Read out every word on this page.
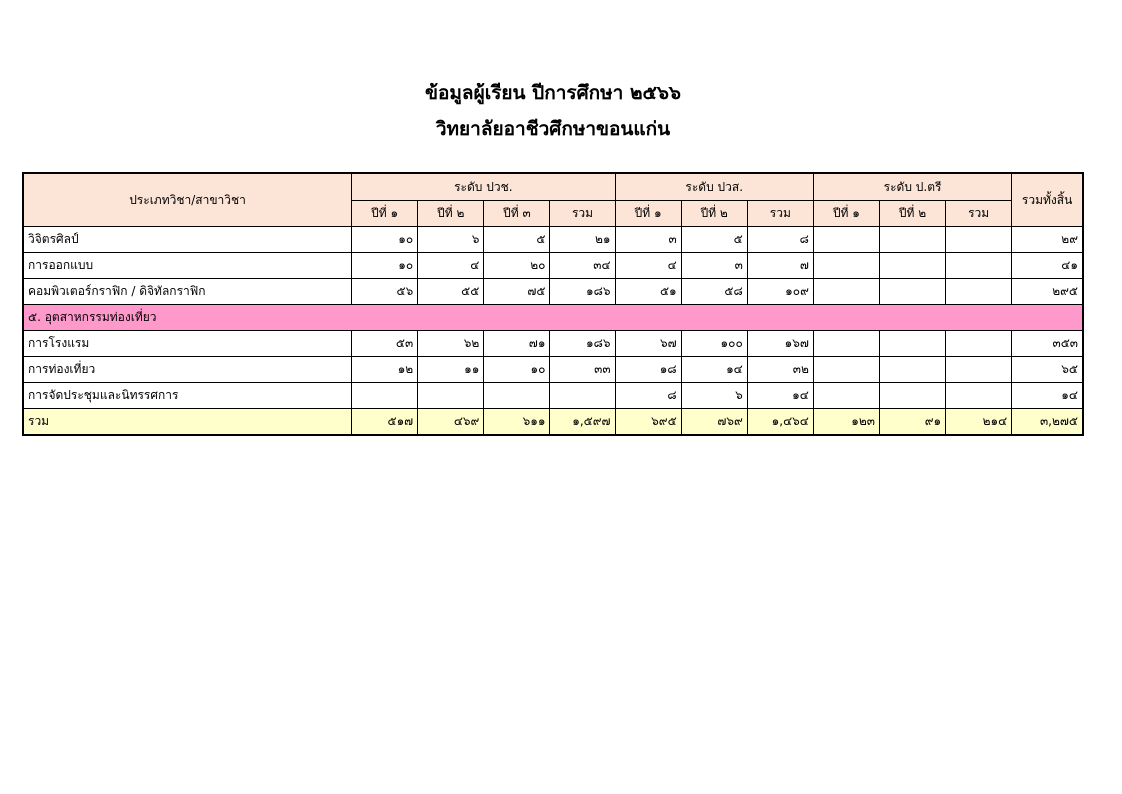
ข้อมูลผู้เรียน ปีการศึกษา ๒๕๖๖
วิทยาลัยอาชีวศึกษาขอนแก่น
ประเภทวิชา/สาขาวิชา	ระดับ ปวช.				ระดับ ปวส.			ระดับ ป.ตรี			รวมทั้งสิ้น
	ปีที่ ๑	ปีที่ ๒	ปีที่ ๓	รวม	ปีที่ ๑	ปีที่ ๒	รวม	ปีที่ ๑	ปีที่ ๒	รวม	
วิจิตรศิลป์	๑๐	๖	๕	๒๑	๓	๕	๘				๒๙
การออกแบบ	๑๐	๔	๒๐	๓๔	๔	๓	๗				๔๑
คอมพิวเตอร์กราฟิก / ดิจิทัลกราฟิก	๕๖	๕๕	๗๕	๑๘๖	๕๑	๕๘	๑๐๙				๒๙๕
๕. อุตสาหกรรมท่องเที่ยว											
การโรงแรม	๕๓	๖๒	๗๑	๑๘๖	๖๗	๑๐๐	๑๖๗				๓๕๓
การท่องเที่ยว	๑๒	๑๑	๑๐	๓๓	๑๘	๑๔	๓๒				๖๕
การจัดประชุมและนิทรรศการ					๘	๖	๑๔				๑๔
รวม	๕๑๗	๔๖๙	๖๑๑	๑,๕๙๗	๖๙๕	๗๖๙	๑,๔๖๔	๑๒๓	๙๑	๒๑๔	๓,๒๗๕
